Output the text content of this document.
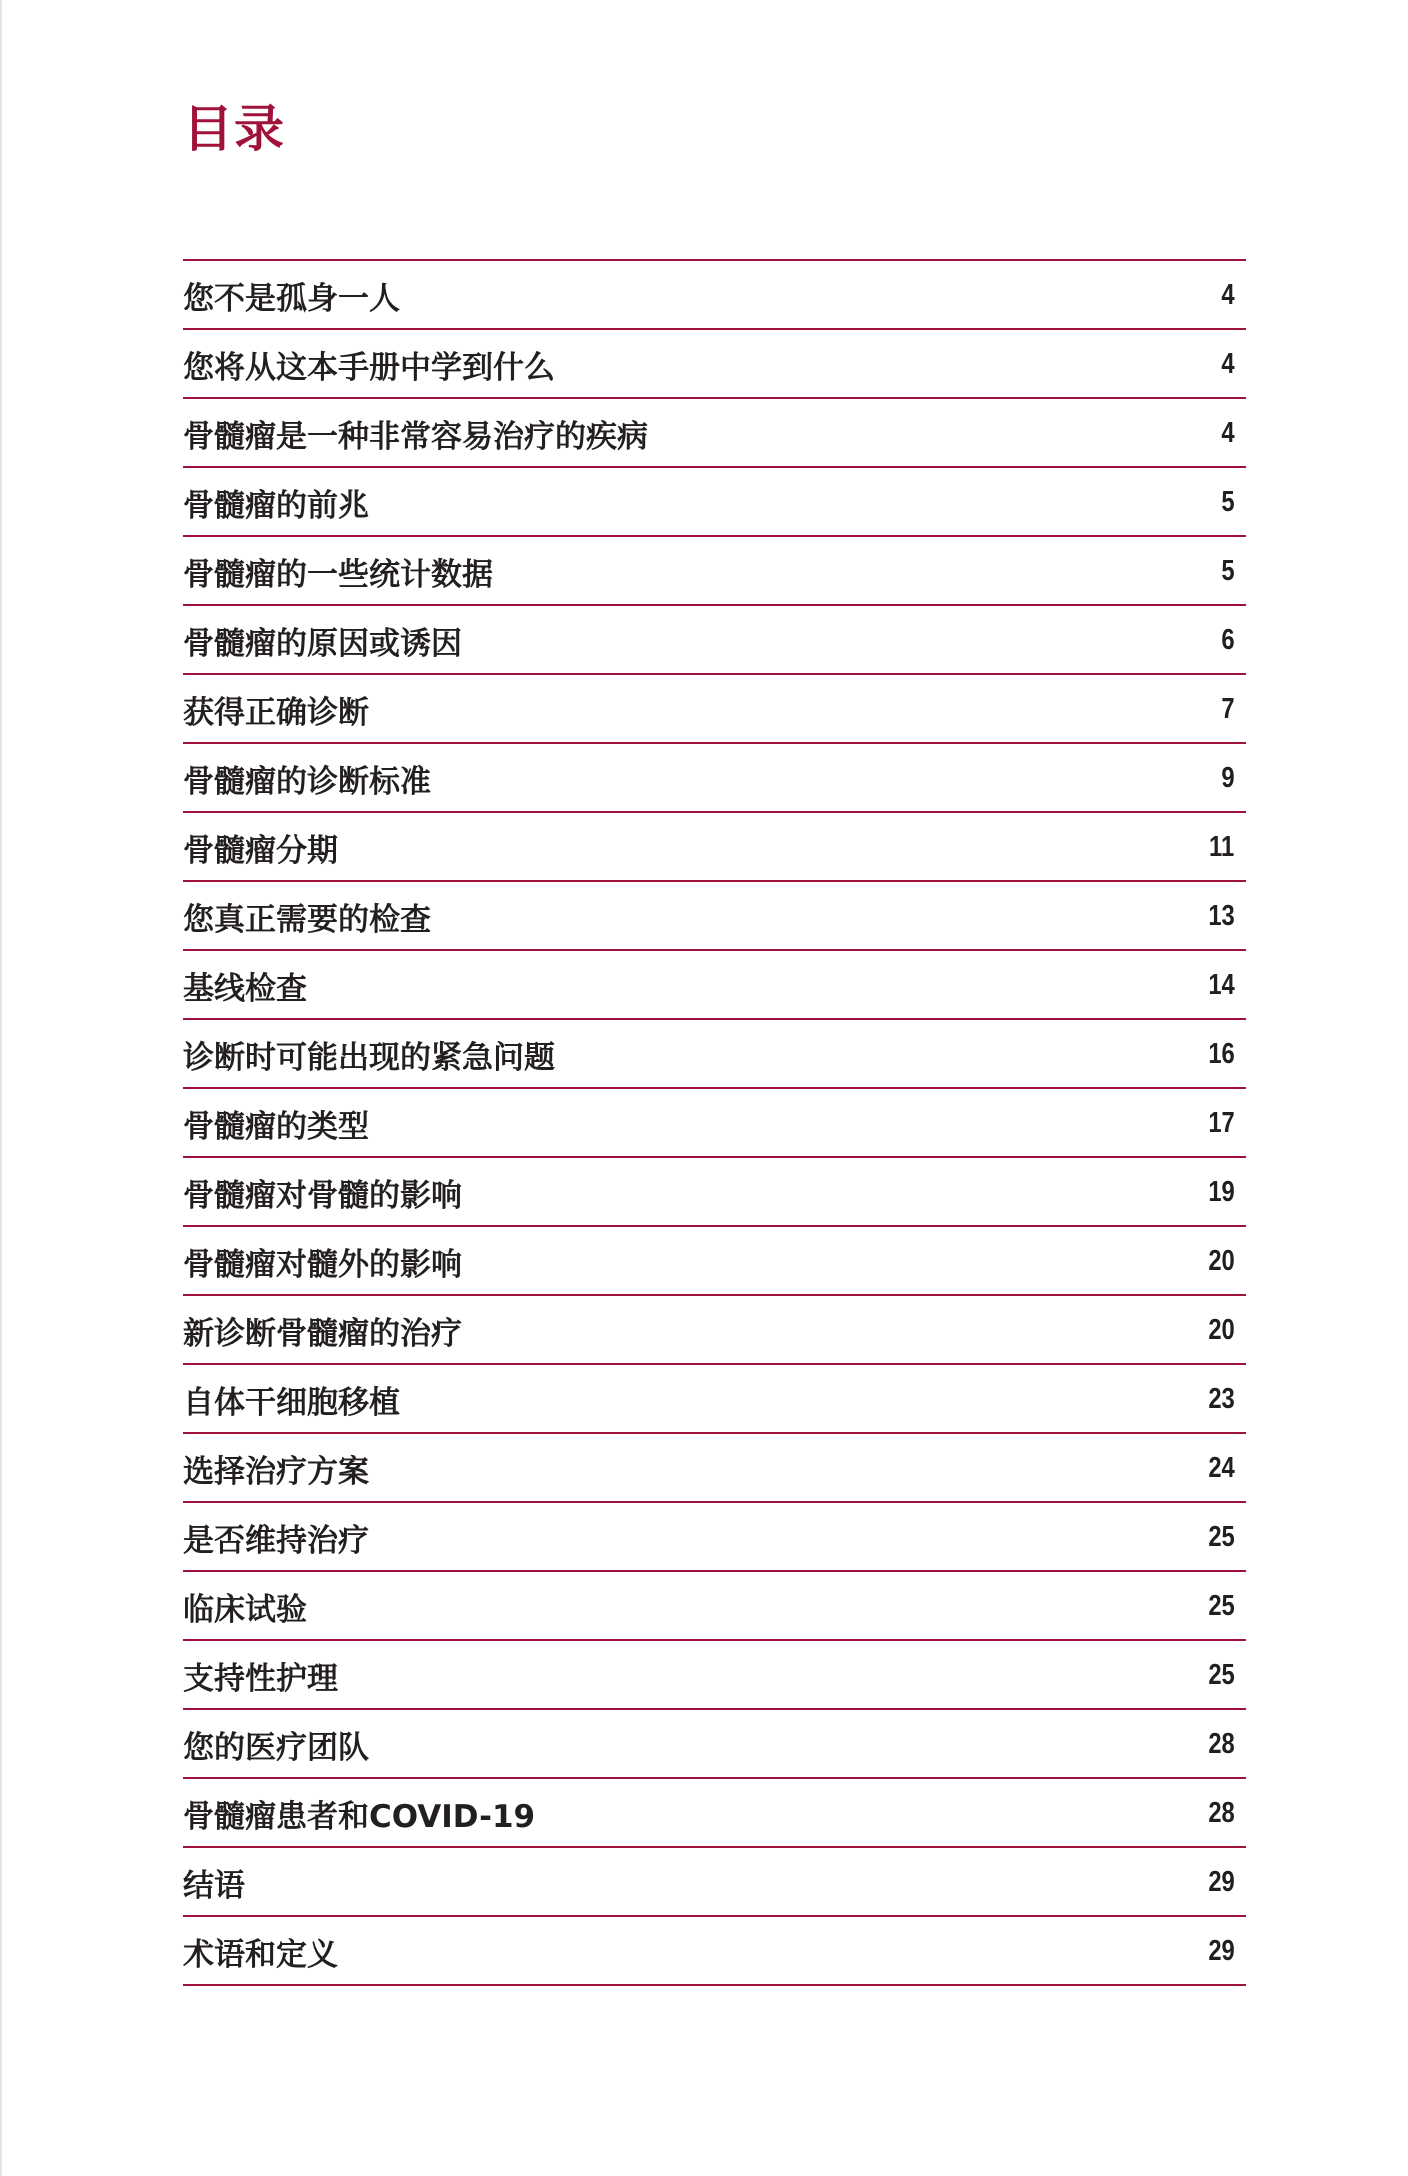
目录
您不是孤身一人	4
您将从这本手册中学到什么	4
骨髓瘤是一种非常容易治疗的疾病	4
骨髓瘤的前兆	5
骨髓瘤的一些统计数据	5
骨髓瘤的原因或诱因	6
获得正确诊断	7
骨髓瘤的诊断标准	9
骨髓瘤分期	11
您真正需要的检查	13
基线检查	14
诊断时可能出现的紧急问题	16
骨髓瘤的类型	17
骨髓瘤对骨髓的影响	19
骨髓瘤对髓外的影响	20
新诊断骨髓瘤的治疗	20
自体干细胞移植	23
选择治疗方案	24
是否维持治疗	25
临床试验	25
支持性护理	25
您的医疗团队	28
骨髓瘤患者和COVID-19	28
结语	29
术语和定义	29
